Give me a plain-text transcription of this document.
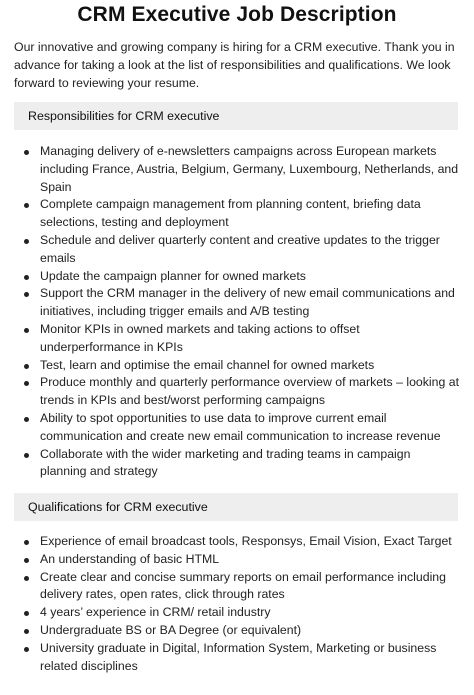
CRM Executive Job Description
Our innovative and growing company is hiring for a CRM executive. Thank you in advance for taking a look at the list of responsibilities and qualifications. We look forward to reviewing your resume.
Responsibilities for CRM executive
Managing delivery of e-newsletters campaigns across European markets including France, Austria, Belgium, Germany, Luxembourg, Netherlands, and Spain
Complete campaign management from planning content, briefing data selections, testing and deployment
Schedule and deliver quarterly content and creative updates to the trigger emails
Update the campaign planner for owned markets
Support the CRM manager in the delivery of new email communications and initiatives, including trigger emails and A/B testing
Monitor KPIs in owned markets and taking actions to offset underperformance in KPIs
Test, learn and optimise the email channel for owned markets
Produce monthly and quarterly performance overview of markets – looking at trends in KPIs and best/worst performing campaigns
Ability to spot opportunities to use data to improve current email communication and create new email communication to increase revenue
Collaborate with the wider marketing and trading teams in campaign planning and strategy
Qualifications for CRM executive
Experience of email broadcast tools, Responsys, Email Vision, Exact Target
An understanding of basic HTML
Create clear and concise summary reports on email performance including delivery rates, open rates, click through rates
4 years’ experience in CRM/ retail industry
Undergraduate BS or BA Degree (or equivalent)
University graduate in Digital, Information System, Marketing or business related disciplines
